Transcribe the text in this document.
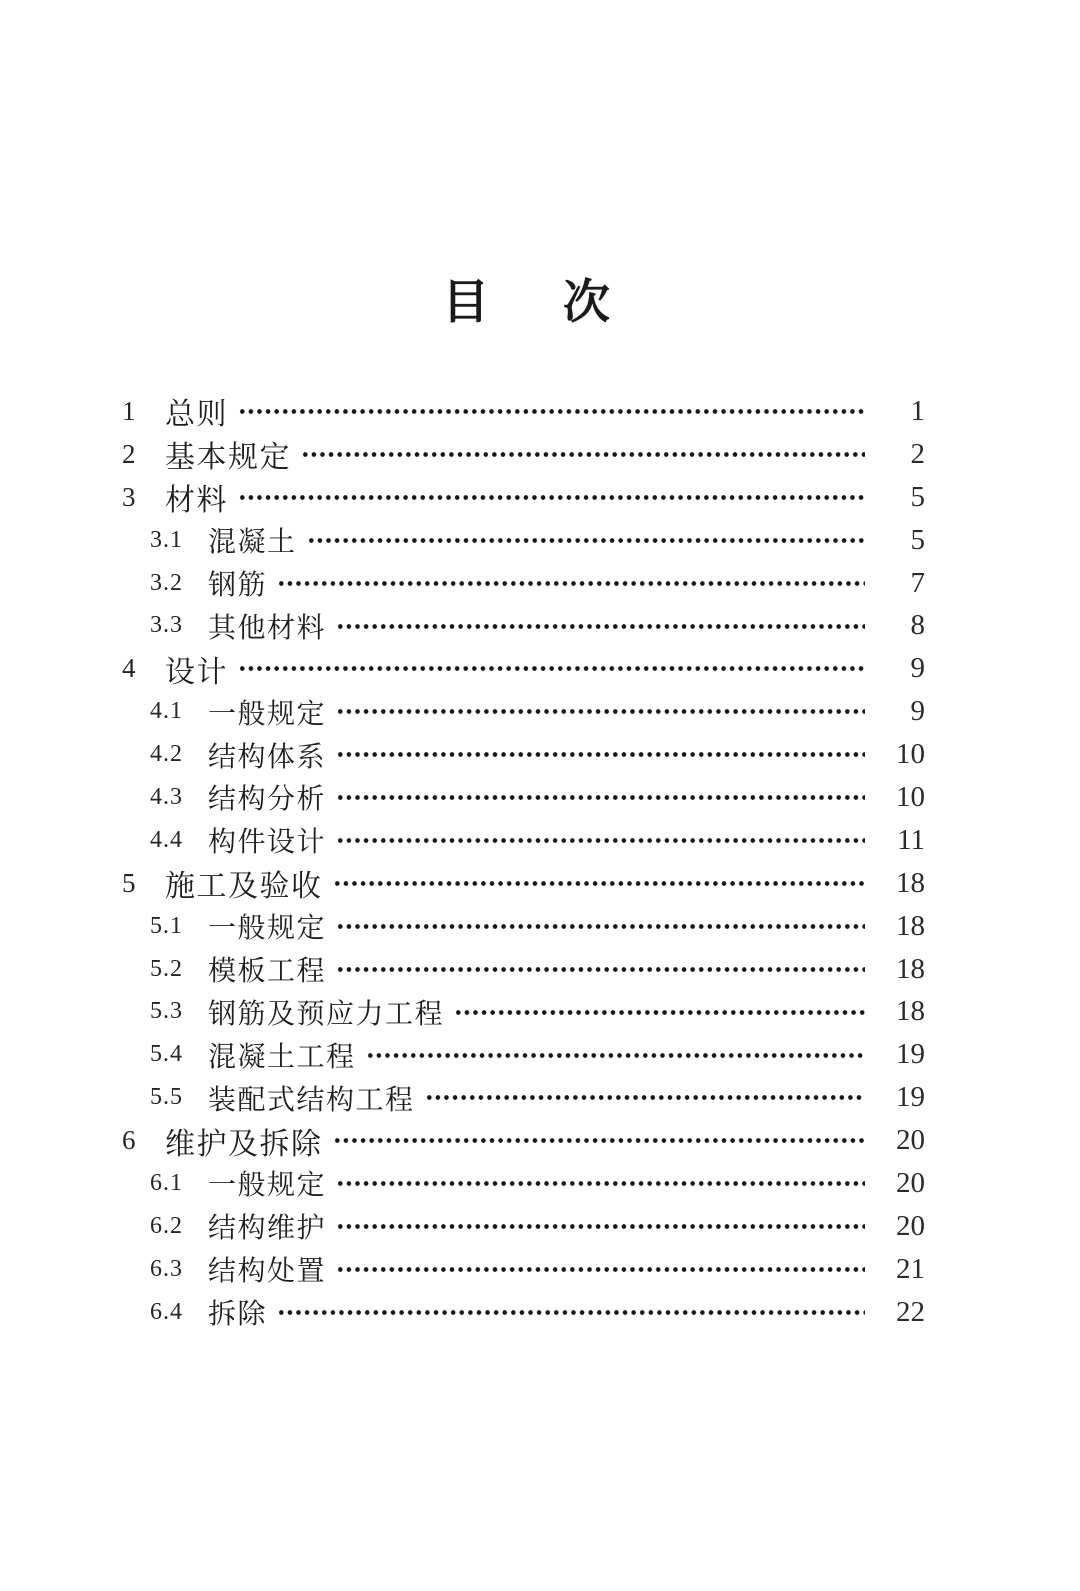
目 次
1 总则	1
2 基本规定	2
3 材料	5
3.1 混凝土	5
3.2 钢筋	7
3.3 其他材料	8
4 设计	9
4.1 一般规定	9
4.2 结构体系	10
4.3 结构分析	10
4.4 构件设计	11
5 施工及验收	18
5.1 一般规定	18
5.2 模板工程	18
5.3 钢筋及预应力工程	18
5.4 混凝土工程	19
5.5 装配式结构工程	19
6 维护及拆除	20
6.1 一般规定	20
6.2 结构维护	20
6.3 结构处置	21
6.4 拆除	22
